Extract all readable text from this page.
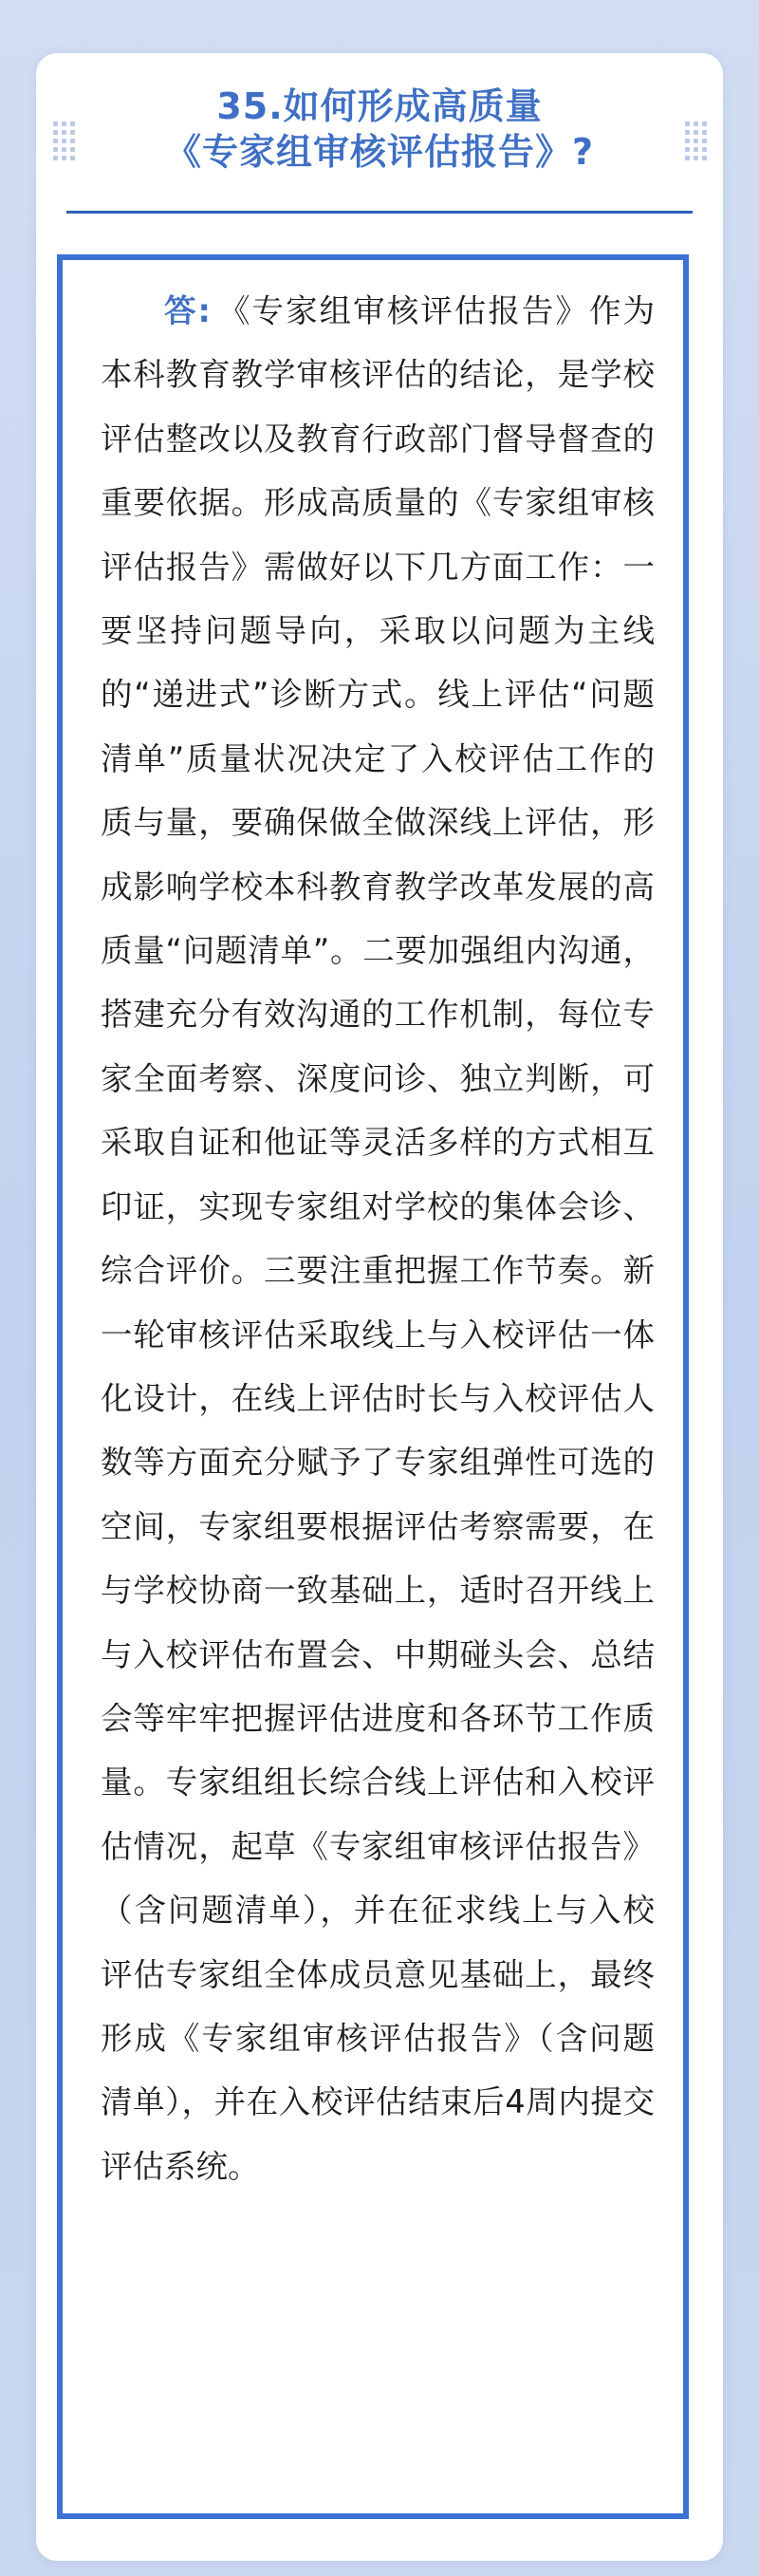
35.如何形成高质量
《专家组审核评估报告》?
答: 《专家组审核评估报告》作为本科教育教学审核评估的结论，是学校评估整改以及教育行政部门督导督查的重要依据。形成高质量的《专家组审核评估报告》需做好以下几方面工作：一要坚持问题导向，采取以问题为主线的“递进式”诊断方式。线上评估“问题清单”质量状况决定了入校评估工作的质与量，要确保做全做深线上评估，形成影响学校本科教育教学改革发展的高质量“问题清单”。二要加强组内沟通，搭建充分有效沟通的工作机制，每位专家全面考察、深度问诊、独立判断，可采取自证和他证等灵活多样的方式相互印证，实现专家组对学校的集体会诊、综合评价。三要注重把握工作节奏。新一轮审核评估采取线上与入校评估一体化设计，在线上评估时长与入校评估人数等方面充分赋予了专家组弹性可选的空间，专家组要根据评估考察需要，在与学校协商一致基础上，适时召开线上与入校评估布置会、中期碰头会、总结会等牢牢把握评估进度和各环节工作质量。专家组组长综合线上评估和入校评估情况，起草《专家组审核评估报告》（含问题清单），并在征求线上与入校评估专家组全体成员意见基础上，最终形成《专家组审核评估报告》（含问题清单），并在入校评估结束后4周内提交评估系统。
